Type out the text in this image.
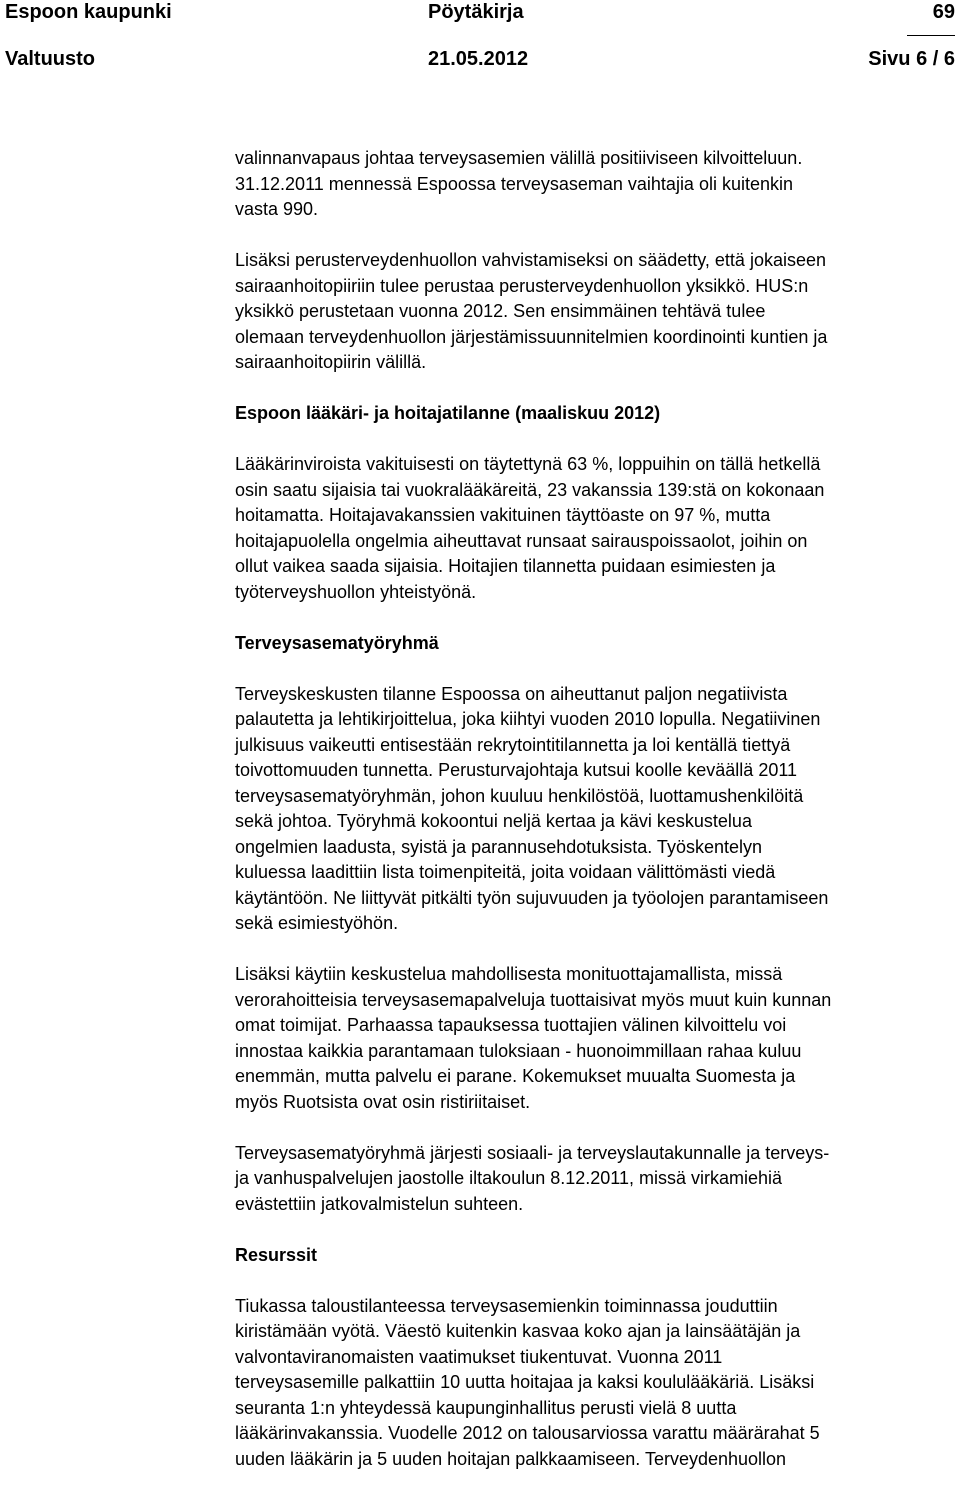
Espoon kaupunki	Pöytäkirja	69
Valtuusto	21.05.2012	Sivu 6 / 6

valinnanvapaus johtaa terveysasemien välillä positiiviseen kilvoitteluun.
31.12.2011 mennessä Espoossa terveysaseman vaihtajia oli kuitenkin
vasta 990.

Lisäksi perusterveydenhuollon vahvistamiseksi on säädetty, että jokaiseen
sairaanhoitopiiriin tulee perustaa perusterveydenhuollon yksikkö. HUS:n
yksikkö perustetaan vuonna 2012. Sen ensimmäinen tehtävä tulee
olemaan terveydenhuollon järjestämissuunnitelmien koordinointi kuntien ja
sairaanhoitopiirin välillä.

Espoon lääkäri- ja hoitajatilanne (maaliskuu 2012)

Lääkärinviroista vakituisesti on täytettynä 63 %, loppuihin on tällä hetkellä
osin saatu sijaisia tai vuokralääkäreitä, 23 vakanssia 139:stä on kokonaan
hoitamatta. Hoitajavakanssien vakituinen täyttöaste on 97 %, mutta
hoitajapuolella ongelmia aiheuttavat runsaat sairauspoissaolot, joihin on
ollut vaikea saada sijaisia. Hoitajien tilannetta puidaan esimiesten ja
työterveyshuollon yhteistyönä.

Terveysasematyöryhmä

Terveyskeskusten tilanne Espoossa on aiheuttanut paljon negatiivista
palautetta ja lehtikirjoittelua, joka kiihtyi vuoden 2010 lopulla. Negatiivinen
julkisuus vaikeutti entisestään rekrytointitilannetta ja loi kentällä tiettyä
toivottomuuden tunnetta. Perusturvajohtaja kutsui koolle keväällä 2011
terveysasematyöryhmän, johon kuuluu henkilöstöä, luottamushenkilöitä
sekä johtoa. Työryhmä kokoontui neljä kertaa ja kävi keskustelua
ongelmien laadusta, syistä ja parannusehdotuksista. Työskentelyn
kuluessa laadittiin lista toimenpiteitä, joita voidaan välittömästi viedä
käytäntöön. Ne liittyvät pitkälti työn sujuvuuden ja työolojen parantamiseen
sekä esimiestyöhön.

Lisäksi käytiin keskustelua mahdollisesta monituottajamallista, missä
verorahoitteisia terveysasemapalveluja tuottaisivat myös muut kuin kunnan
omat toimijat. Parhaassa tapauksessa tuottajien välinen kilvoittelu voi
innostaa kaikkia parantamaan tuloksiaan - huonoimmillaan rahaa kuluu
enemmän, mutta palvelu ei parane. Kokemukset muualta Suomesta ja
myös Ruotsista ovat osin ristiriitaiset.

Terveysasematyöryhmä järjesti sosiaali- ja terveyslautakunnalle ja terveys-
ja vanhuspalvelujen jaostolle iltakoulun 8.12.2011, missä virkamiehiä
evästettiin jatkovalmistelun suhteen.

Resurssit

Tiukassa taloustilanteessa terveysasemienkin toiminnassa jouduttiin
kiristämään vyötä. Väestö kuitenkin kasvaa koko ajan ja lainsäätäjän ja
valvontaviranomaisten vaatimukset tiukentuvat. Vuonna 2011
terveysasemille palkattiin 10 uutta hoitajaa ja kaksi koululääkäriä. Lisäksi
seuranta 1:n yhteydessä kaupunginhallitus perusti vielä 8 uutta
lääkärinvakanssia. Vuodelle 2012 on talousarviossa varattu määrärahat 5
uuden lääkärin ja 5 uuden hoitajan palkkaamiseen. Terveydenhuollon
